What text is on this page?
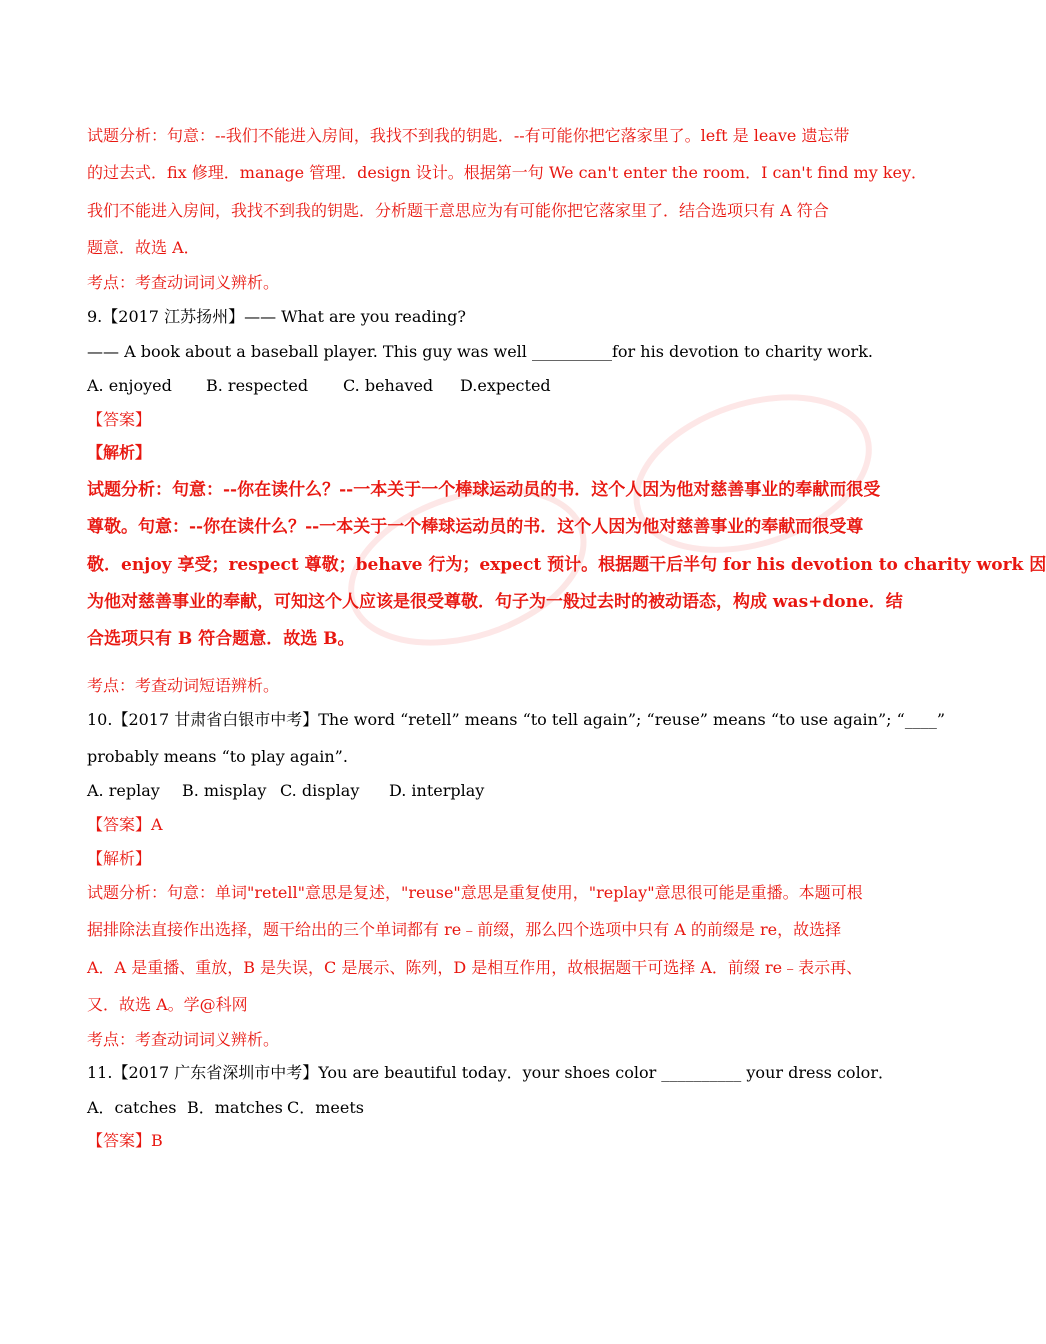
试题分析：句意：--我们不能进入房间，我找不到我的钥匙．--有可能你把它落家里了。left 是 leave 遗忘带
的过去式．fix 修理．manage 管理．design 设计。根据第一句 We can't enter the room．I can't find my key．
我们不能进入房间，我找不到我的钥匙．分析题干意思应为有可能你把它落家里了．结合选项只有 A 符合
题意．故选 A．
考点：考查动词词义辨析。
9.【2017 江苏扬州】—— What are you reading?
—— A book about a baseball player. This guy was well __________for his devotion to charity work.
A. enjoyed B. respected C. behaved D.expected
【答案】
【解析】
试题分析：句意：--你在读什么？--一本关于一个棒球运动员的书．这个人因为他对慈善事业的奉献而很受
尊敬。句意：--你在读什么？--一本关于一个棒球运动员的书．这个人因为他对慈善事业的奉献而很受尊
敬．enjoy 享受；respect 尊敬；behave 行为；expect 预计。根据题干后半句 for his devotion to charity work 因
为他对慈善事业的奉献，可知这个人应该是很受尊敬．句子为一般过去时的被动语态，构成 was+done．结
合选项只有 B 符合题意．故选 B。
考点：考查动词短语辨析。
10.【2017 甘肃省白银市中考】The word “retell” means “to tell again”; “reuse” means “to use again”; “____”
probably means “to play again”.
A. replay B. misplay C. display D. interplay
【答案】A
【解析】
试题分析：句意：单词"retell"意思是复述，"reuse"意思是重复使用，"replay"意思很可能是重播。本题可根
据排除法直接作出选择，题干给出的三个单词都有 re﹣前缀，那么四个选项中只有 A 的前缀是 re，故选择
A．A 是重播、重放，B 是失误，C 是展示、陈列，D 是相互作用，故根据题干可选择 A．前缀 re﹣表示再、
又．故选 A。学@科网
考点：考查动词词义辨析。
11.【2017 广东省深圳市中考】You are beautiful today．your shoes color __________ your dress color．
A．catches B．matches C．meets
【答案】B
